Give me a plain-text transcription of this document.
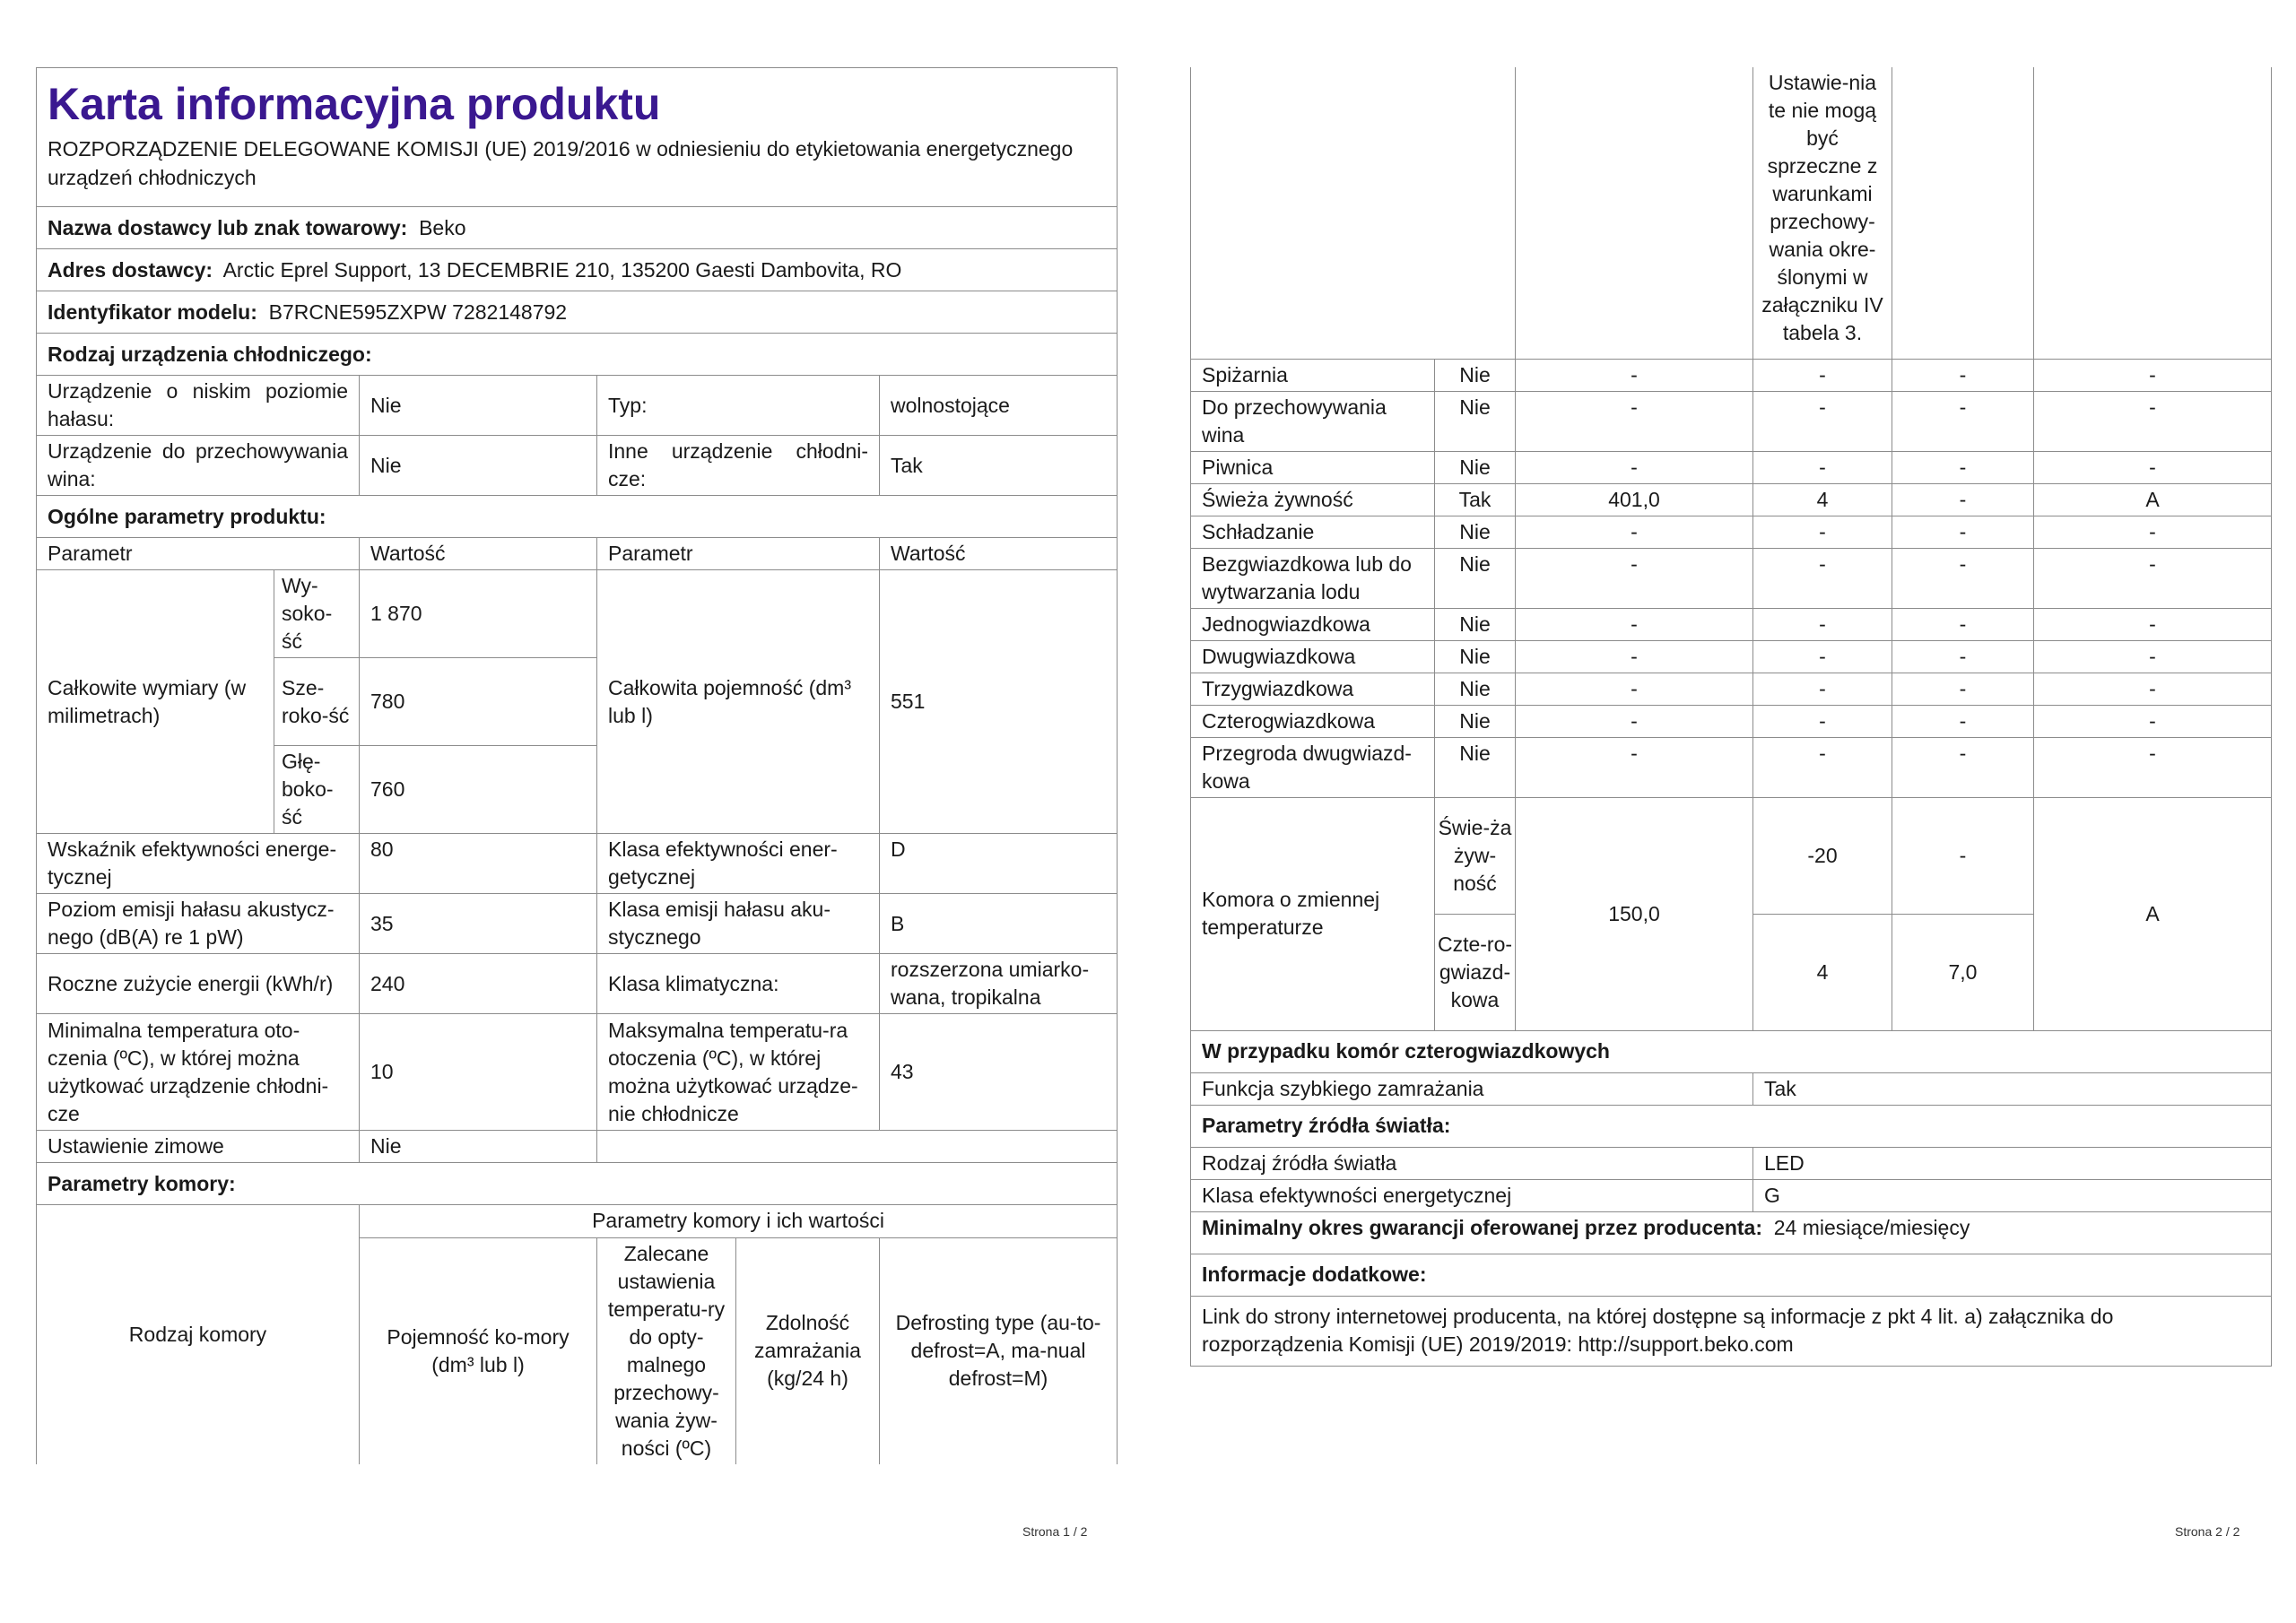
Karta informacyjna produktu
ROZPORZĄDZENIE DELEGOWANE KOMISJI (UE) 2019/2016 w odniesieniu do etykietowania energetycznego urządzeń chłodniczych				

Nazwa dostawcy lub znak towarowy: Beko				
Adres dostawcy: Arctic Eprel Support, 13 DECEMBRIE 210, 135200 Gaesti Dambovita, RO				
Identyfikator modelu: B7RCNE595ZXPW 7282148792				
Rodzaj urządzenia chłodniczego:				
Urządzenie o niskim poziomie hałasu:		Nie	Typ:	wolnostojące
Urządzenie do przechowywania wina:		Nie	Inne urządzenie chłodni-cze:	Tak
Ogólne parametry produktu:				
Parametr		Wartość	Parametr	Wartość
Całkowite wymiary (w milimetrach)	Wy-soko-ść	1 870	Całkowita pojemność (dm³ lub l)	551
	Sze-roko-ść	780		
	Głę-boko-ść	760		
Wskaźnik efektywności energe-tycznej		80	Klasa efektywności ener-getycznej	D
Poziom emisji hałasu akustycz-nego (dB(A) re 1 pW)		35	Klasa emisji hałasu aku-stycznego	B
Roczne zużycie energii (kWh/r)		240	Klasa klimatyczna:	rozszerzona umiarko-wana, tropikalna
Minimalna temperatura oto-czenia (ºC), w której można użytkować urządzenie chłodni-cze		10	Maksymalna temperatu-ra otoczenia (ºC), w której można użytkować urządze-nie chłodnicze	43
Ustawienie zimowe		Nie		
Parametry komory:				
Rodzaj komory	Parametry komory i ich wartości			
	Pojemność ko-mory (dm³ lub l)	Zalecane ustawienia temperatu-ry do opty-malnego przechowy-wania żyw-ności (ºC)	Zdolność zamrażania (kg/24 h)	Defrosting type (au-to-defrost=A, ma-nual defrost=M)
Strona 1 / 2
			Ustawie-nia te nie mogą być sprzeczne z warunkami przechowy-wania okre-ślonymi w załączniku IV tabela 3.		
Spiżarnia	Nie	-	-	-	-
Do przechowywania wina	Nie	-	-	-	-
Piwnica	Nie	-	-	-	-
Świeża żywność	Tak	401,0	4	-	A
Schładzanie	Nie	-	-	-	-
Bezgwiazdkowa lub do wytwarzania lodu	Nie	-	-	-	-
Jednogwiazdkowa	Nie	-	-	-	-
Dwugwiazdkowa	Nie	-	-	-	-
Trzygwiazdkowa	Nie	-	-	-	-
Czterogwiazdkowa	Nie	-	-	-	-
Przegroda dwugwiazd-kowa	Nie	-	-	-	-
Komora o zmiennej temperaturze	Świe-ża żyw-ność	150,0	-20	-	A
	Czte-ro-gwiazd-kowa		4	7,0	
W przypadku komór czterogwiazdkowych					
Funkcja szybkiego zamrażania			Tak		
Parametry źródła światła:					
Rodzaj źródła światła			LED		
Klasa efektywności energetycznej			G		
Minimalny okres gwarancji oferowanej przez producenta: 24 miesiące/miesięcy					
Informacje dodatkowe:					
Link do strony internetowej producenta, na której dostępne są informacje z pkt 4 lit. a) załącznika do rozporządzenia Komisji (UE) 2019/2019: http://support.beko.com					
Strona 2 / 2
